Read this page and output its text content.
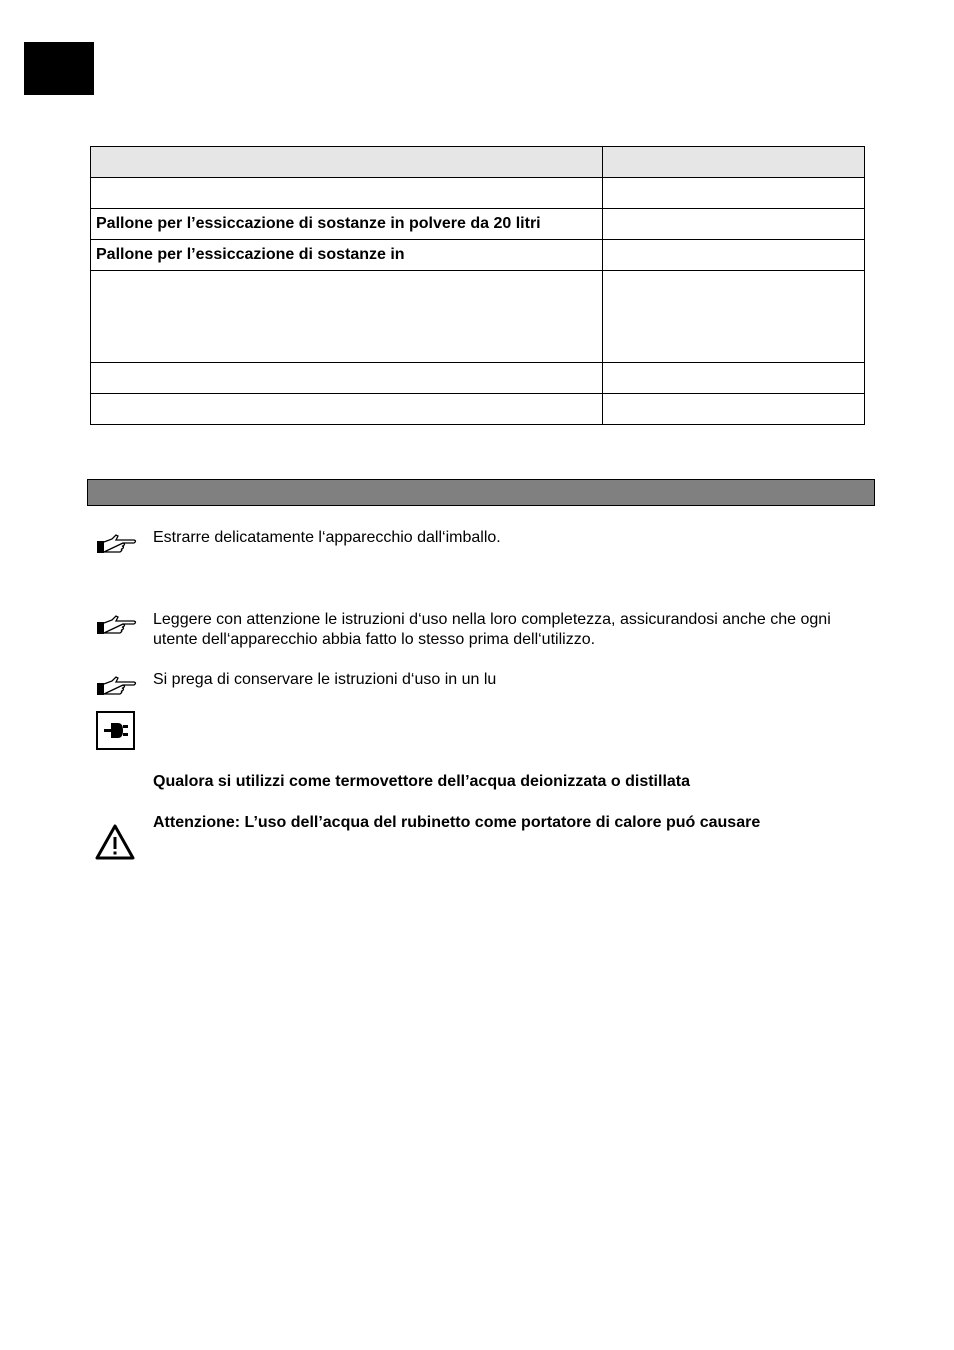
Pallone per l’essiccazione di sostanze in polvere da 20 litri	
Pallone per l’essiccazione di sostanze in	

Estrarre delicatamente l‘apparecchio dall‘imballo.
Leggere con attenzione le istruzioni d‘uso nella loro completezza, assicurandosi anche che ogni utente dell‘apparecchio abbia fatto lo stesso prima dell‘utilizzo.
Si prega di conservare le istruzioni d‘uso in un lu
Qualora si utilizzi come termovettore dell’acqua deionizzata o distillata
Attenzione: L’uso dell’acqua del rubinetto come portatore di calore puó causare
